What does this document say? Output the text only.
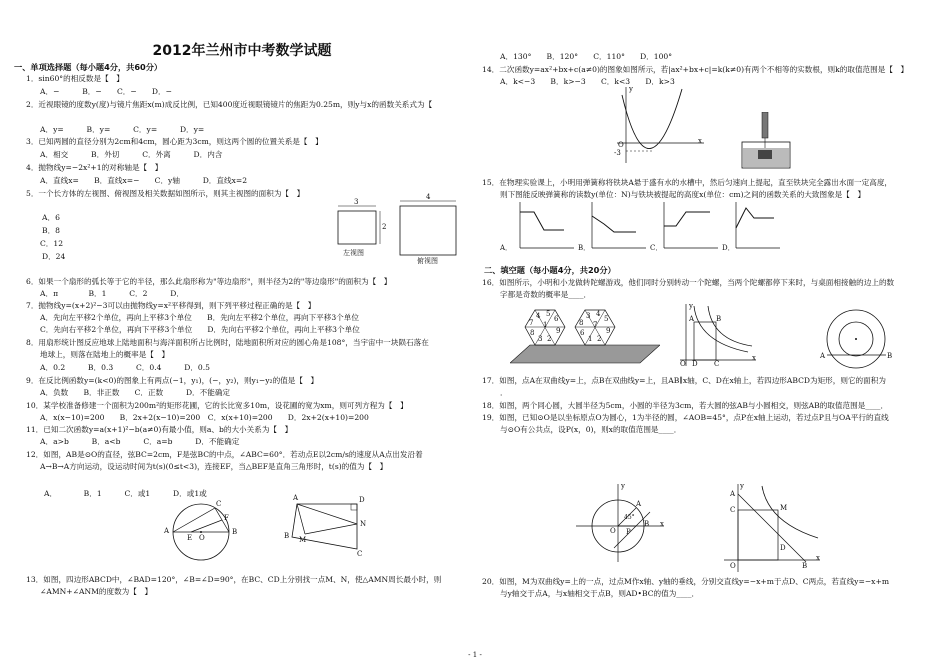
2012年兰州市中考数学试题
一、单项选择题（每小题4分，共60分）
1．sin60°的相反数是【　】
A．−　　　B．−　　C．−　　D．−
2．近视眼镜的度数y(度)与镜片焦距x(m)成反比例，已知400度近视眼镜镜片的焦距为0.25m，则y与x的函数关系式为【
A．y=　　　B．y=　　　C．y=　　　D．y=
3．已知两圆的直径分别为2cm和4cm，圆心距为3cm，则这两个圆的位置关系是【　】
A．相交　　　B．外切　　　C．外离　　　D．内含
4．抛物线y=−2x²+1的对称轴是【　】
A．直线x=　　B．直线x=−　　C．y轴　　　D．直线x=2
5．一个长方体的左视图、俯视图及相关数据如图所示，则其主视图的面积为【　】
A．6
B．8
C．12
D．24
3
2
4
左视图
俯视图
6．如果一个扇形的弧长等于它的半径，那么此扇形称为"等边扇形"，则半径为2的"等边扇形"的面积为【　】
A．π　　　　B．1　　　C．2　　　D．
7．抛物线y=(x+2)²−3可以由抛物线y=x²平移得到，则下列平移过程正确的是【　】
A．先向左平移2个单位，再向上平移3个单位　　B．先向左平移2个单位，再向下平移3个单位
C．先向右平移2个单位，再向下平移3个单位　　D．先向右平移2个单位，再向上平移3个单位
8．用扇形统计图反应地球上陆地面积与海洋面积所占比例时，陆地面积所对应的圆心角是108°，当宇宙中一块陨石落在
地球上，则落在陆地上的概率是【　】
A．0.2　　　B．0.3　　　C．0.4　　　D．0.5
9．在反比例函数y=(k<0)的图象上有两点(−1，y₁)，(−，y₂)，则y₁−y₂的值是【　】
A．负数　　B．非正数　　C．正数　　　D．不能确定
10．某学校准备修建一个面积为200m²的矩形花圃，它的长比宽多10m，设花圃的宽为xm，则可列方程为【　】
A．x(x−10)=200　　B．2x+2(x−10)=200　C．x(x+10)=200　　D．2x+2(x+10)=200
11．已知二次函数y=a(x+1)²−b(a≠0)有最小值，则a、b的大小关系为【　】
A．a>b　　　B．a<b　　　C．a=b　　　D．不能确定
12．如图，AB是⊙O的直径，弦BC=2cm，F是弦BC的中点，∠ABC=60°．若动点E以2cm/s的速度从A点出发沿着
A→B→A方向运动，设运动时间为t(s)(0≤t<3)，连接EF，当△BEF是直角三角形时，t(s)的值为【　】
A．　　　　B．1　　　C．或1　　　D．或1或
A	B
C
E O
F
A
B
C
D
M
N
13．如图，四边形ABCD中，∠BAD=120°，∠B=∠D=90°，在BC、CD上分别找一点M、N，使△AMN周长最小时，则
∠AMN+∠ANM的度数为【　】
A．130°　　B．120°　　C．110°　　D．100°
14．二次函数y=ax²+bx+c(a≠0)的图象如图所示，若|ax²+bx+c|=k(k≠0)有两个不相等的实数根，则k的取值范围是【　】
A．k<−3　　B．k>−3　　C．k<3　　D．k>3
y
O	x
-3
15．在物理实验课上，小明用弹簧称将铁块A悬于盛有水的水槽中，然后匀速向上提起，直至铁块完全露出水面一定高度，
则下图能反映弹簧称的读数y(单位：N)与铁块被提起的高度x(单位：cm)之间的函数关系的大致图象是【　】
A．	B．	C．	D．
二、填空题（每小题4分，共20分）
16．如图所示，小明和小龙做转陀螺游戏，他们同时分别转动一个陀螺，当两个陀螺都停下来时，与桌面相接触的边上的数
字都是奇数的概率是____．
4 5
6
7
9
8
3 2
1
3 4
5
8
9
6
1 2
7
y
A	B
O D C
x	A	B
17．如图，点A在双曲线y=上，点B在双曲线y=上，且AB∥x轴，C、D在x轴上，若四边形ABCD为矩形，则它的面积为
．
18．如图，两个同心圆，大圆半径为5cm，小圆的半径为3cm，若大圆的弦AB与小圆相交，则弦AB的取值范围是____．
19．如图，已知⊙O是以坐标原点O为圆心，1为半径的圆，∠AOB=45°，点P在x轴上运动，若过点P且与OA平行的直线
与⊙O有公共点，设P(x，0)，则x的取值范围是____．
y
A
B
O P
x
45°
y
A
C	M
D
O	B
x
20．如图，M为双曲线y=上的一点，过点M作x轴、y轴的垂线，分别交直线y=−x+m于点D、C两点，若直线y=−x+m
与y轴交于点A，与x轴相交于点B，则AD•BC的值为____．
- 1 -
